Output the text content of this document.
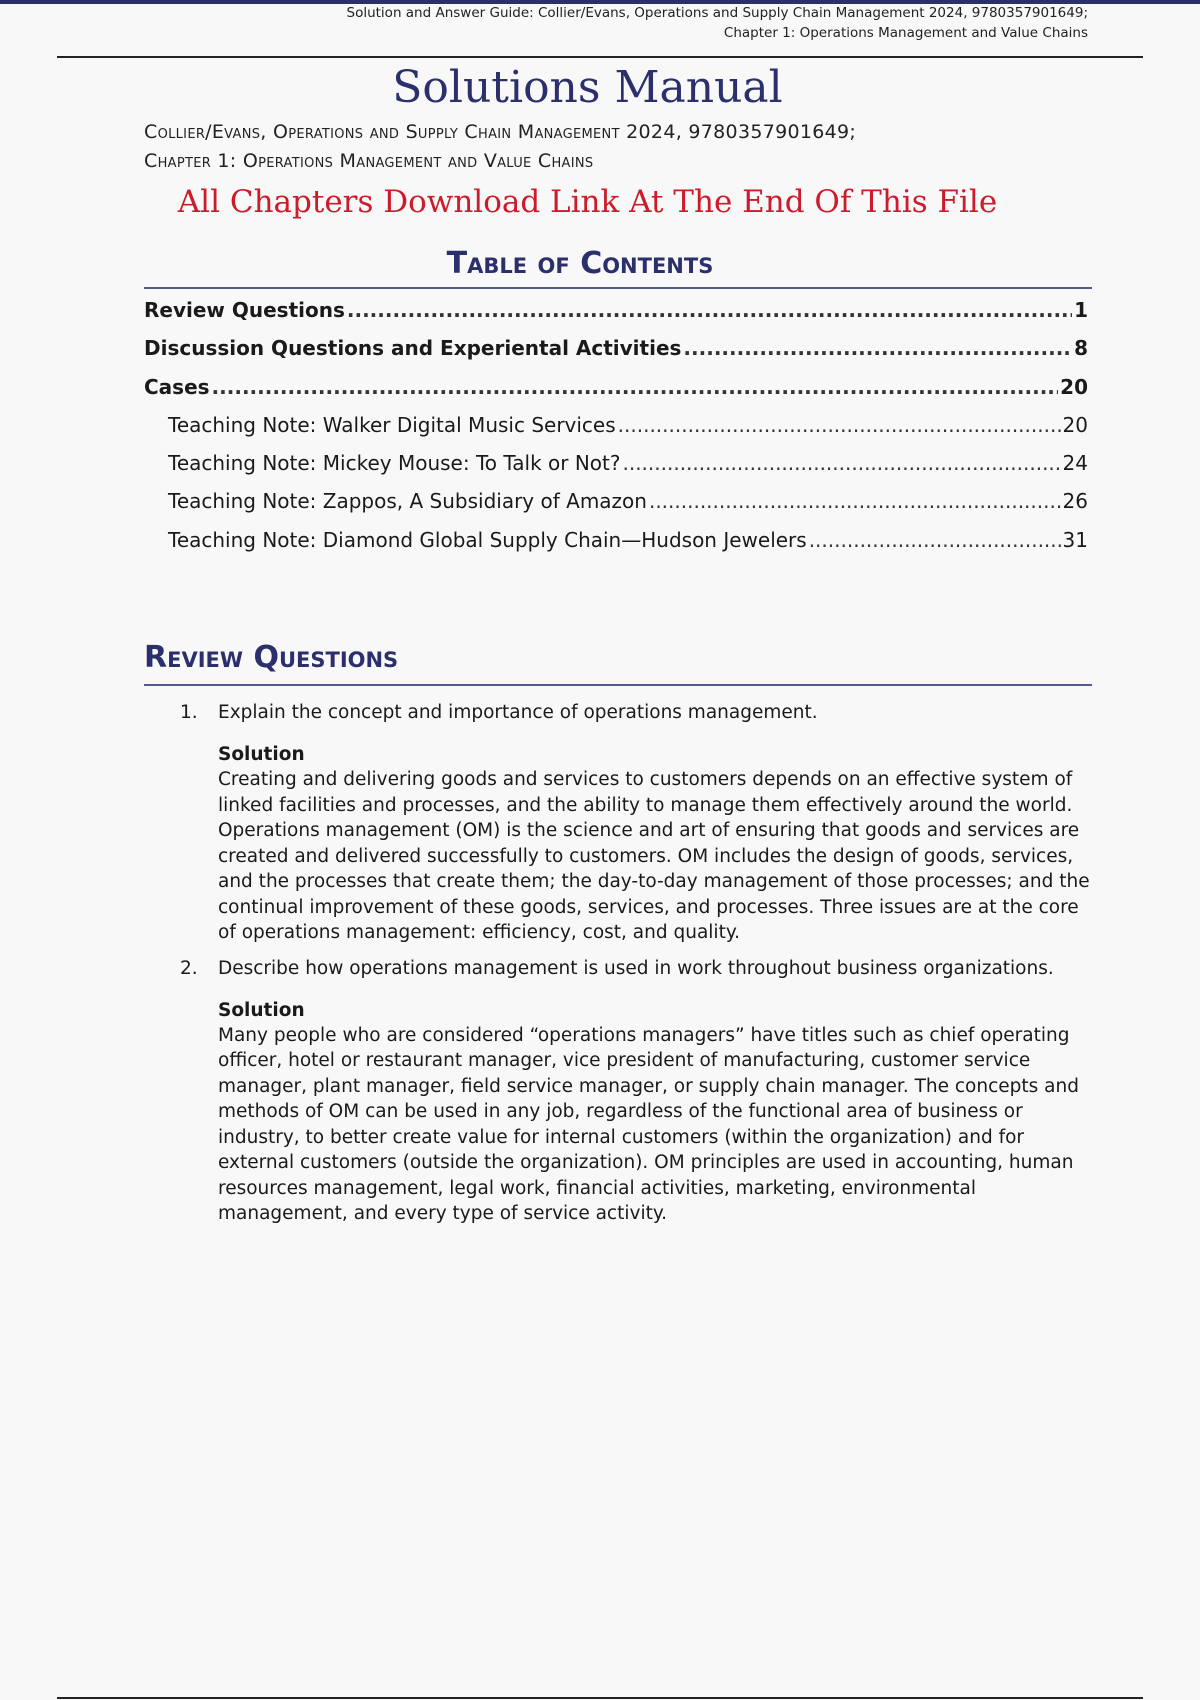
Solution and Answer Guide: Collier/Evans, Operations and Supply Chain Management 2024, 9780357901649;
Chapter 1: Operations Management and Value Chains
Solutions Manual
Collier/Evans, Operations and Supply Chain Management 2024, 9780357901649;
Chapter 1: Operations Management and Value Chains
All Chapters Download Link At The End Of This File
Table of Contents
Review Questions .....	1
Discussion Questions and Experiental Activities .....	8
Cases .....	20
Teaching Note: Walker Digital Music Services .....	20
Teaching Note: Mickey Mouse: To Talk or Not? .....	24
Teaching Note: Zappos, A Subsidiary of Amazon .....	26
Teaching Note: Diamond Global Supply Chain—Hudson Jewelers .....	31
Review Questions
1.	Explain the concept and importance of operations management.
Solution
Creating and delivering goods and services to customers depends on an effective system of linked facilities and processes, and the ability to manage them effectively around the world. Operations management (OM) is the science and art of ensuring that goods and services are created and delivered successfully to customers. OM includes the design of goods, services, and the processes that create them; the day-to-day management of those processes; and the continual improvement of these goods, services, and processes. Three issues are at the core of operations management: efficiency, cost, and quality.
2.	Describe how operations management is used in work throughout business organizations.
Solution
Many people who are considered “operations managers” have titles such as chief operating officer, hotel or restaurant manager, vice president of manufacturing, customer service manager, plant manager, field service manager, or supply chain manager. The concepts and methods of OM can be used in any job, regardless of the functional area of business or industry, to better create value for internal customers (within the organization) and for external customers (outside the organization). OM principles are used in accounting, human resources management, legal work, financial activities, marketing, environmental management, and every type of service activity.
